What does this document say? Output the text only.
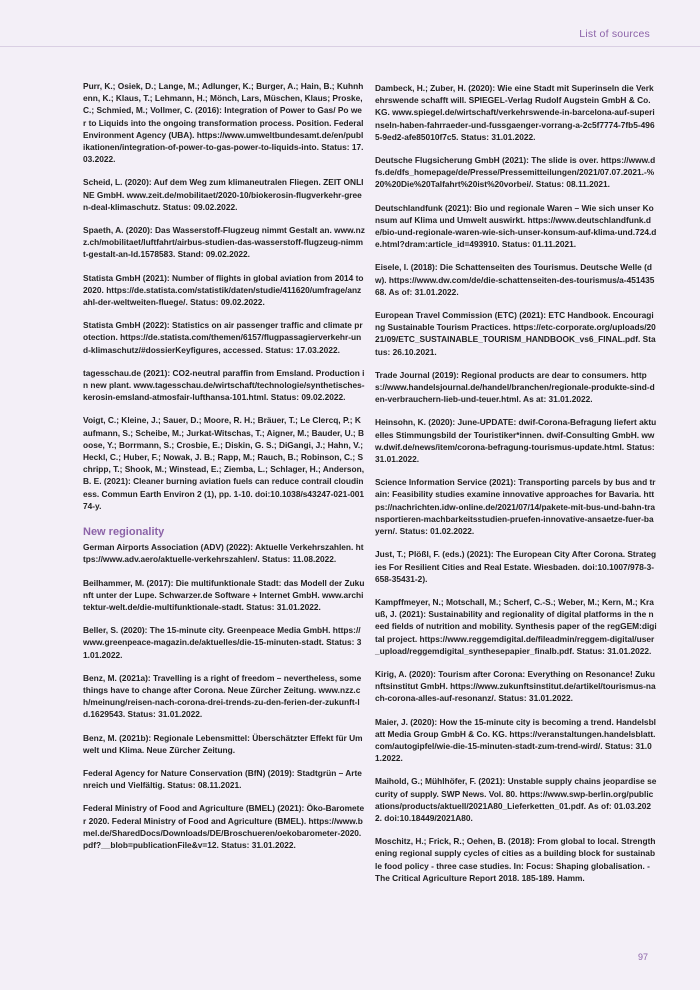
List of sources

Purr, K.; Osiek, D.; Lange, M.; Adlunger, K.; Burger, A.; Hain, B.; Kuhnhenn, K.; Klaus, T.; Lehmann, H.; Mönch, Lars, Müschen, Klaus; Proske, C.; Schmied, M.; Vollmer, C. (2016): Integration of Power to Gas/ Po wer to Liquids into the ongoing transformation process. Position. Federal Environment Agency (UBA). https://www.umweltbundesamt.de/en/publikationen/integration-of-power-to-gas-power-to-liquids-into. Status: 17.03.2022.

Scheid, L. (2020): Auf dem Weg zum klimaneutralen Fliegen. ZEIT ONLINE GmbH. www.zeit.de/mobilitaet/2020-10/biokerosin-flugverkehr-green-deal-klimaschutz. Status: 09.02.2022.

Spaeth, A. (2020): Das Wasserstoff-Flugzeug nimmt Gestalt an. www.nzz.ch/mobilitaet/luftfahrt/airbus-studien-das-wasserstoff-flugzeug-nimmt-gestalt-an-ld.1578583. Stand: 09.02.2022.

Statista GmbH (2021): Number of flights in global aviation from 2014 to 2020. https://de.statista.com/statistik/daten/studie/411620/umfrage/anzahl-der-weltweiten-fluege/. Status: 09.02.2022.

Statista GmbH (2022): Statistics on air passenger traffic and climate protection. https://de.statista.com/themen/6157/flugpassagierverkehr-und-klimaschutz/#dossierKeyfigures, accessed. Status: 17.03.2022.

tagesschau.de (2021): CO2-neutral paraffin from Emsland. Production in new plant. www.tagesschau.de/wirtschaft/technologie/synthetisches-kerosin-emsland-atmosfair-lufthansa-101.html. Status: 09.02.2022.

Voigt, C.; Kleine, J.; Sauer, D.; Moore, R. H.; Bräuer, T.; Le Clercq, P.; Kaufmann, S.; Scheibe, M.; Jurkat-Witschas, T.; Aigner, M.; Bauder, U.; Boose, Y.; Borrmann, S.; Crosbie, E.; Diskin, G. S.; DiGangi, J.; Hahn, V.; Heckl, C.; Huber, F.; Nowak, J. B.; Rapp, M.; Rauch, B.; Robinson, C.; Schripp, T.; Shook, M.; Winstead, E.; Ziemba, L.; Schlager, H.; Anderson, B. E. (2021): Cleaner burning aviation fuels can reduce contrail cloudiness. Commun Earth Environ 2 (1), pp. 1-10. doi:10.1038/s43247-021-00174-y.

New regionality

German Airports Association (ADV) (2022): Aktuelle Verkehrszahlen. https://www.adv.aero/aktuelle-verkehrszahlen/. Status: 11.08.2022.

Beilhammer, M. (2017): Die multifunktionale Stadt: das Modell der Zukunft unter der Lupe. Schwarzer.de Software + Internet GmbH. www.architektur-welt.de/die-multifunktionale-stadt. Status: 31.01.2022.

Beller, S. (2020): The 15-minute city. Greenpeace Media GmbH. https://www.greenpeace-magazin.de/aktuelles/die-15-minuten-stadt. Status: 31.01.2022.

Benz, M. (2021a): Travelling is a right of freedom – nevertheless, some things have to change after Corona. Neue Zürcher Zeitung. www.nzz.ch/meinung/reisen-nach-corona-drei-trends-zu-den-ferien-der-zukunft-ld.1629543. Status: 31.01.2022.

Benz, M. (2021b): Regionale Lebensmittel: Überschätzter Effekt für Umwelt und Klima. Neue Zürcher Zeitung.

Federal Agency for Nature Conservation (BfN) (2019): Stadtgrün – Artenreich und Vielfältig. Status: 08.11.2021.

Federal Ministry of Food and Agriculture (BMEL) (2021): Öko-Barometer 2020. Federal Ministry of Food and Agriculture (BMEL). https://www.bmel.de/SharedDocs/Downloads/DE/Broschueren/oekobarometer-2020.pdf?__blob=publicationFile&v=12. Status: 31.01.2022.

Dambeck, H.; Zuber, H. (2020): Wie eine Stadt mit Superinseln die Verkehrswende schafft will. SPIEGEL-Verlag Rudolf Augstein GmbH & Co. KG. www.spiegel.de/wirtschaft/verkehrswende-in-barcelona-auf-superinseln-haben-fahrraeder-und-fussgaenger-vorrang-a-2c5f7774-7fb5-4965-9ed2-afe85010f7c5. Status: 31.01.2022.

Deutsche Flugsicherung GmbH (2021): The slide is over. https://www.dfs.de/dfs_homepage/de/Presse/Pressemitteilungen/2021/07.07.2021.-%20%20Die%20Talfahrt%20ist%20vorbei/. Status: 08.11.2021.

Deutschlandfunk (2021): Bio und regionale Waren – Wie sich unser Konsum auf Klima und Umwelt auswirkt. https://www.deutschlandfunk.de/bio-und-regionale-waren-wie-sich-unser-konsum-auf-klima-und.724.de.html?dram:article_id=493910. Status: 01.11.2021.

Eisele, I. (2018): Die Schattenseiten des Tourismus. Deutsche Welle (dw). https://www.dw.com/de/die-schattenseiten-des-tourismus/a-45143568. As of: 31.01.2022.

European Travel Commission (ETC) (2021): ETC Handbook. Encouraging Sustainable Tourism Practices. https://etc-corporate.org/uploads/2021/09/ETC_SUSTAINABLE_TOURISM_HANDBOOK_vs6_FINAL.pdf. Status: 26.10.2021.

Trade Journal (2019): Regional products are dear to consumers. https://www.handelsjournal.de/handel/branchen/regionale-produkte-sind-den-verbrauchern-lieb-und-teuer.html. As at: 31.01.2022.

Heinsohn, K. (2020): June-UPDATE: dwif-Corona-Befragung liefert aktuelles Stimmungsbild der Touristiker*innen. dwif-Consulting GmbH. www.dwif.de/news/item/corona-befragung-tourismus-update.html. Status: 31.01.2022.

Science Information Service (2021): Transporting parcels by bus and train: Feasibility studies examine innovative approaches for Bavaria. https://nachrichten.idw-online.de/2021/07/14/pakete-mit-bus-und-bahn-transportieren-machbarkeitsstudien-pruefen-innovative-ansaetze-fuer-bayern/. Status: 01.02.2022.

Just, T.; Plößl, F. (eds.) (2021): The European City After Corona. Strategies For Resilient Cities and Real Estate. Wiesbaden. doi:10.1007/978-3-658-35431-2).

Kampffmeyer, N.; Motschall, M.; Scherf, C.-S.; Weber, M.; Kern, M.; Krauß, J. (2021): Sustainability and regionality of digital platforms in the need fields of nutrition and mobility. Synthesis paper of the regGEM:digital project. https://www.reggemdigital.de/fileadmin/reggem-digital/user_upload/reggemdigital_synthesepapier_finalb.pdf. Status: 31.01.2022.

Kirig, A. (2020): Tourism after Corona: Everything on Resonance! Zukunftsinstitut GmbH. https://www.zukunftsinstitut.de/artikel/tourismus-nach-corona-alles-auf-resonanz/. Status: 31.01.2022.

Maier, J. (2020): How the 15-minute city is becoming a trend. Handelsblatt Media Group GmbH & Co. KG. https://veranstaltungen.handelsblatt.com/autogipfel/wie-die-15-minuten-stadt-zum-trend-wird/. Status: 31.01.2022.

Maihold, G.; Mühlhöfer, F. (2021): Unstable supply chains jeopardise security of supply. SWP News. Vol. 80. https://www.swp-berlin.org/publications/products/aktuell/2021A80_Lieferketten_01.pdf. As of: 01.03.2022. doi:10.18449/2021A80.

Moschitz, H.; Frick, R.; Oehen, B. (2018): From global to local. Strengthening regional supply cycles of cities as a building block for sustainable food policy - three case studies. In: Focus: Shaping globalisation. - The Critical Agriculture Report 2018. 185-189. Hamm.

97
